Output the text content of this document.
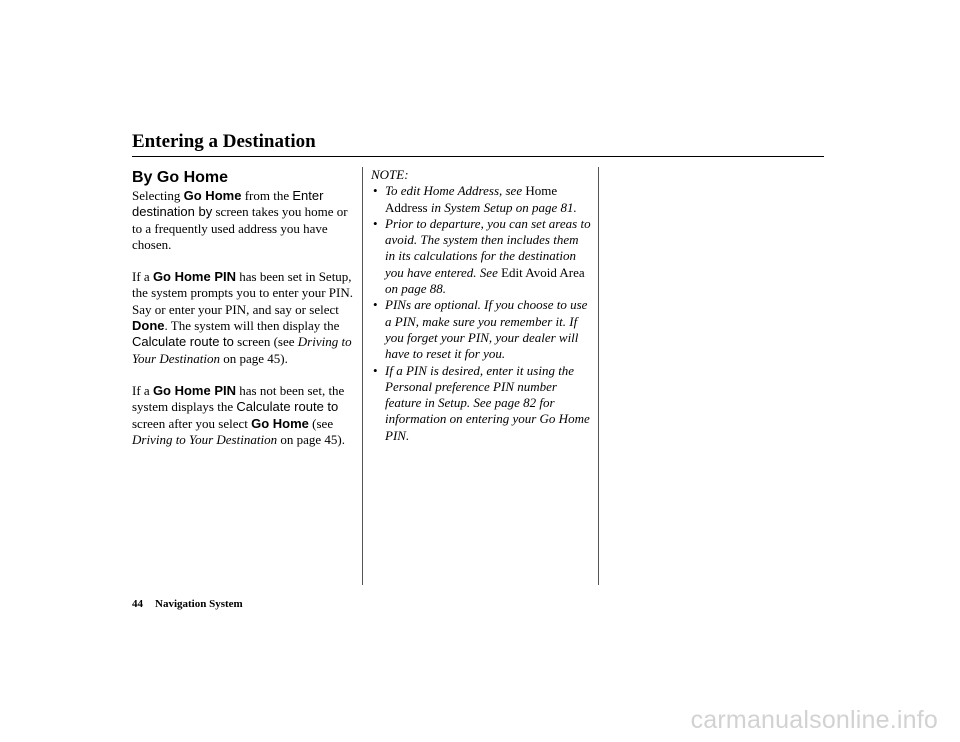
Entering a Destination
By Go Home

Selecting Go Home from the Enter destination by screen takes you home or to a frequently used address you have chosen.

If a Go Home PIN has been set in Setup, the system prompts you to enter your PIN. Say or enter your PIN, and say or select Done. The system will then display the Calculate route to screen (see Driving to Your Destination on page 45).

If a Go Home PIN has not been set, the system displays the Calculate route to screen after you select Go Home (see Driving to Your Destination on page 45).

NOTE:
• To edit Home Address, see Home Address in System Setup on page 81.
• Prior to departure, you can set areas to avoid. The system then includes them in its calculations for the destination you have entered. See Edit Avoid Area on page 88.
• PINs are optional. If you choose to use a PIN, make sure you remember it. If you forget your PIN, your dealer will have to reset it for you.
• If a PIN is desired, enter it using the Personal preference PIN number feature in Setup. See page 82 for information on entering your Go Home PIN.
44 Navigation System
carmanualsonline.info
